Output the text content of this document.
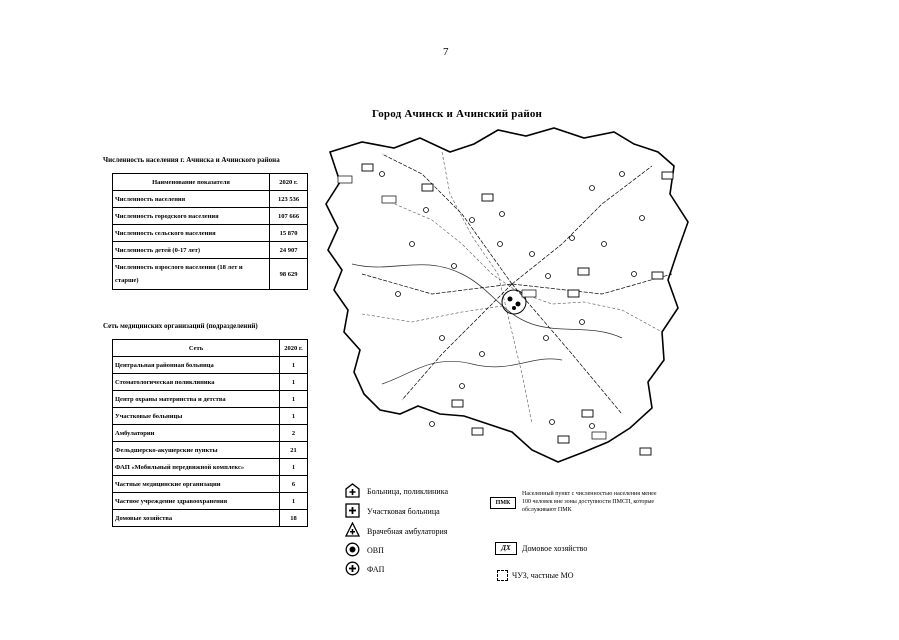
7
Город Ачинск и Ачинский район
Численность населения г. Ачинска и Ачинского района
Наименование показателя	2020 г.
Численность населения	123 536
Численность городского населения	107 666
Численность сельского населения	15 870
Численность детей (0-17 лет)	24 907
Численность взрослого населения (18 лет и старше)	98 629
Сеть медицинских организаций (подразделений)
Сеть	2020 г.
Центральная районная больница	1
Стоматологическая поликлиника	1
Центр охраны материнства и детства	1
Участковые больницы	1
Амбулатории	2
Фельдшерско-акушерские пункты	21
ФАП «Мобильный передвижной комплекс»	1
Частные медицинские организации	6
Частное учреждение здравоохранения	1
Домовые хозяйства	18
Больница, поликлиника
Участковая больница
Врачебная амбулатория
ОВП
ФАП
ПМК
Населенный пункт с численностью населения менее 100 человек вне зоны доступности ПМСП, которые обслуживают ПМК
ДХ	Домовое хозяйство
ЧУЗ, частные МО
